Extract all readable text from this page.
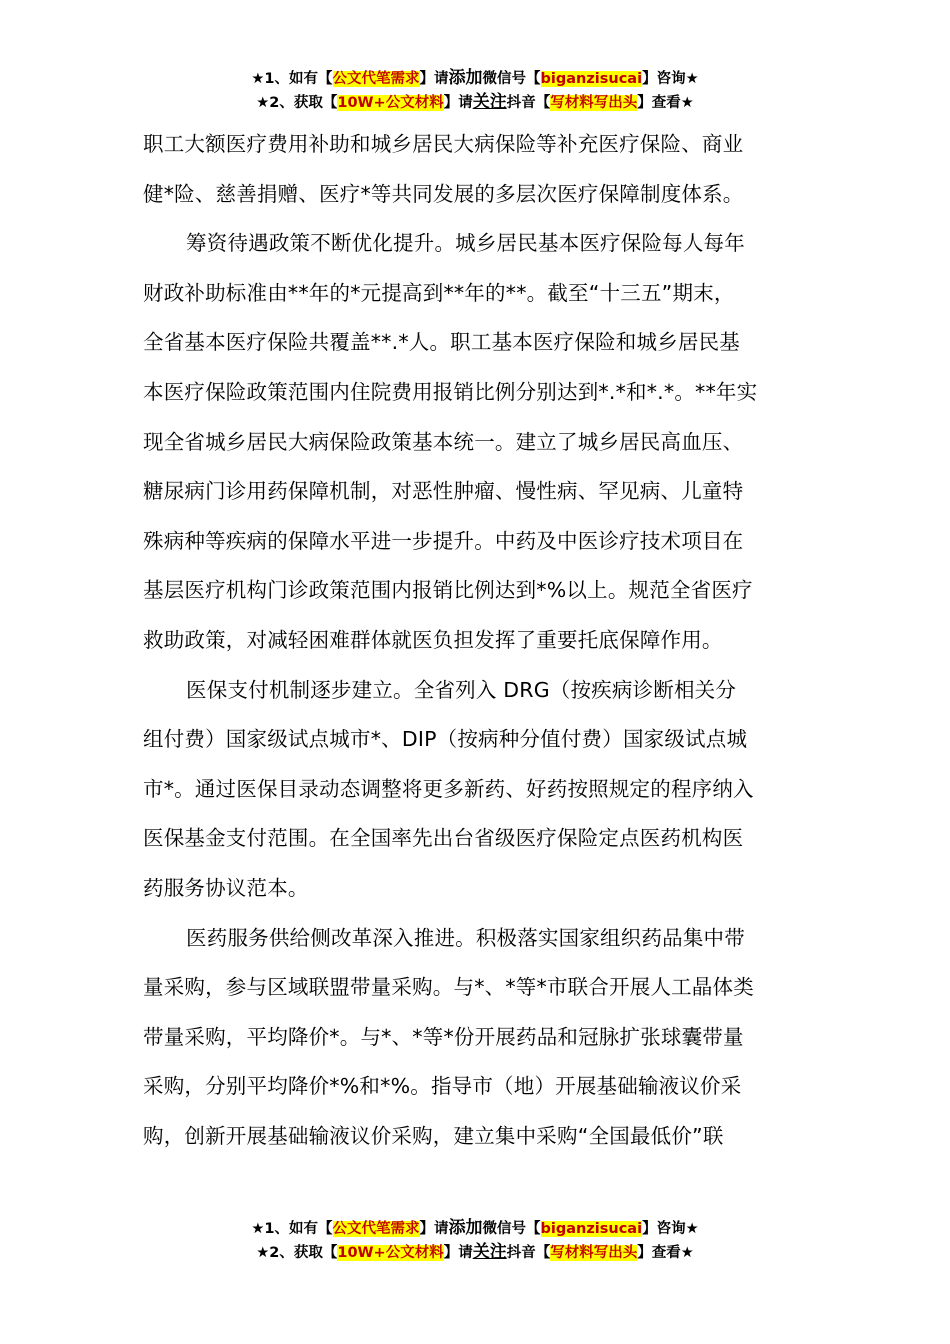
★1、如有【公文代笔需求】请添加微信号【biganzisucai】咨询★
★2、获取【10W+公文材料】请关注抖音【写材料写出头】查看★
职工大额医疗费用补助和城乡居民大病保险等补充医疗保险、商业
健*险、慈善捐赠、医疗*等共同发展的多层次医疗保障制度体系。
筹资待遇政策不断优化提升。城乡居民基本医疗保险每人每年
财政补助标准由**年的*元提高到**年的**。截至“十三五”期末，
全省基本医疗保险共覆盖**.*人。职工基本医疗保险和城乡居民基
本医疗保险政策范围内住院费用报销比例分别达到*.*和*.*。**年实
现全省城乡居民大病保险政策基本统一。建立了城乡居民高血压、
糖尿病门诊用药保障机制，对恶性肿瘤、慢性病、罕见病、儿童特
殊病种等疾病的保障水平进一步提升。中药及中医诊疗技术项目在
基层医疗机构门诊政策范围内报销比例达到*%以上。规范全省医疗
救助政策，对减轻困难群体就医负担发挥了重要托底保障作用。
医保支付机制逐步建立。全省列入 DRG（按疾病诊断相关分
组付费）国家级试点城市*、DIP（按病种分值付费）国家级试点城
市*。通过医保目录动态调整将更多新药、好药按照规定的程序纳入
医保基金支付范围。在全国率先出台省级医疗保险定点医药机构医
药服务协议范本。
医药服务供给侧改革深入推进。积极落实国家组织药品集中带
量采购，参与区域联盟带量采购。与*、*等*市联合开展人工晶体类
带量采购，平均降价*。与*、*等*份开展药品和冠脉扩张球囊带量
采购，分别平均降价*%和*%。指导市（地）开展基础输液议价采
购，创新开展基础输液议价采购，建立集中采购“全国最低价”联
★1、如有【公文代笔需求】请添加微信号【biganzisucai】咨询★
★2、获取【10W+公文材料】请关注抖音【写材料写出头】查看★
